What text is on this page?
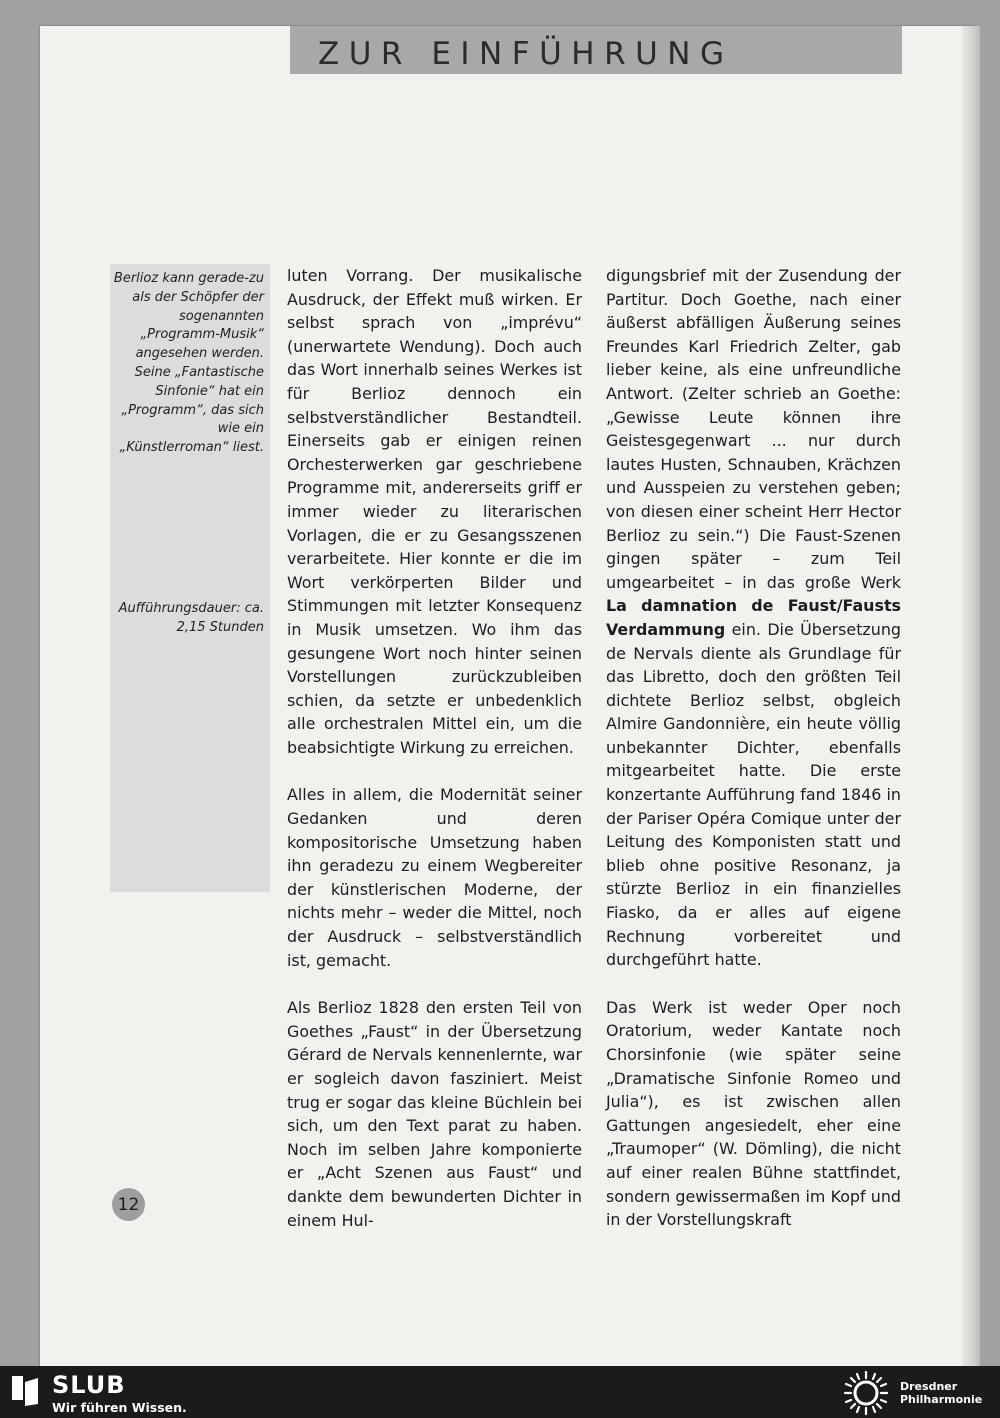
ZUR EINFÜHRUNG
Berlioz kann gerade-zu als der Schöpfer der sogenannten „Programm-Musik“ angesehen werden. Seine „Fantastische Sinfonie“ hat ein „Programm“, das sich wie ein „Künstlerroman“ liest.
Aufführungsdauer: ca. 2,15 Stunden

luten Vorrang. Der musikalische Ausdruck, der Effekt muß wirken. Er selbst sprach von „imprévu“ (unerwartete Wendung). Doch auch das Wort innerhalb seines Werkes ist für Berlioz dennoch ein selbstverständlicher Bestandteil. Einerseits gab er einigen reinen Orchesterwerken gar geschriebene Programme mit, andererseits griff er immer wieder zu literarischen Vorlagen, die er zu Gesangsszenen verarbeitete. Hier konnte er die im Wort verkörperten Bilder und Stimmungen mit letzter Konsequenz in Musik umsetzen. Wo ihm das gesungene Wort noch hinter seinen Vorstellungen zurückzubleiben schien, da setzte er unbedenklich alle orchestralen Mittel ein, um die beabsichtigte Wirkung zu erreichen.

Alles in allem, die Modernität seiner Gedanken und deren kompositorische Umsetzung haben ihn geradezu zu einem Wegbereiter der künstlerischen Moderne, der nichts mehr – weder die Mittel, noch der Ausdruck – selbstverständlich ist, gemacht.

Als Berlioz 1828 den ersten Teil von Goethes „Faust“ in der Übersetzung Gérard de Nervals kennenlernte, war er sogleich davon fasziniert. Meist trug er sogar das kleine Büchlein bei sich, um den Text parat zu haben. Noch im selben Jahre komponierte er „Acht Szenen aus Faust“ und dankte dem bewunderten Dichter in einem Hul-

digungsbrief mit der Zusendung der Partitur. Doch Goethe, nach einer äußerst abfälligen Äußerung seines Freundes Karl Friedrich Zelter, gab lieber keine, als eine unfreundliche Antwort. (Zelter schrieb an Goethe: „Gewisse Leute können ihre Geistesgegenwart ... nur durch lautes Husten, Schnauben, Krächzen und Ausspeien zu verstehen geben; von diesen einer scheint Herr Hector Berlioz zu sein.“) Die Faust-Szenen gingen später – zum Teil umgearbeitet – in das große Werk La damnation de Faust/Fausts Verdammung ein. Die Übersetzung de Nervals diente als Grundlage für das Libretto, doch den größten Teil dichtete Berlioz selbst, obgleich Almire Gandonnière, ein heute völlig unbekannter Dichter, ebenfalls mitgearbeitet hatte. Die erste konzertante Aufführung fand 1846 in der Pariser Opéra Comique unter der Leitung des Komponisten statt und blieb ohne positive Resonanz, ja stürzte Berlioz in ein finanzielles Fiasko, da er alles auf eigene Rechnung vorbereitet und durchgeführt hatte.

Das Werk ist weder Oper noch Oratorium, weder Kantate noch Chorsinfonie (wie später seine „Dramatische Sinfonie Romeo und Julia“), es ist zwischen allen Gattungen angesiedelt, eher eine „Traumoper“ (W. Dömling), die nicht auf einer realen Bühne stattfindet, sondern gewissermaßen im Kopf und in der Vorstellungskraft

12
SLUB
Wir führen Wissen.
Dresdner
Philharmonie
